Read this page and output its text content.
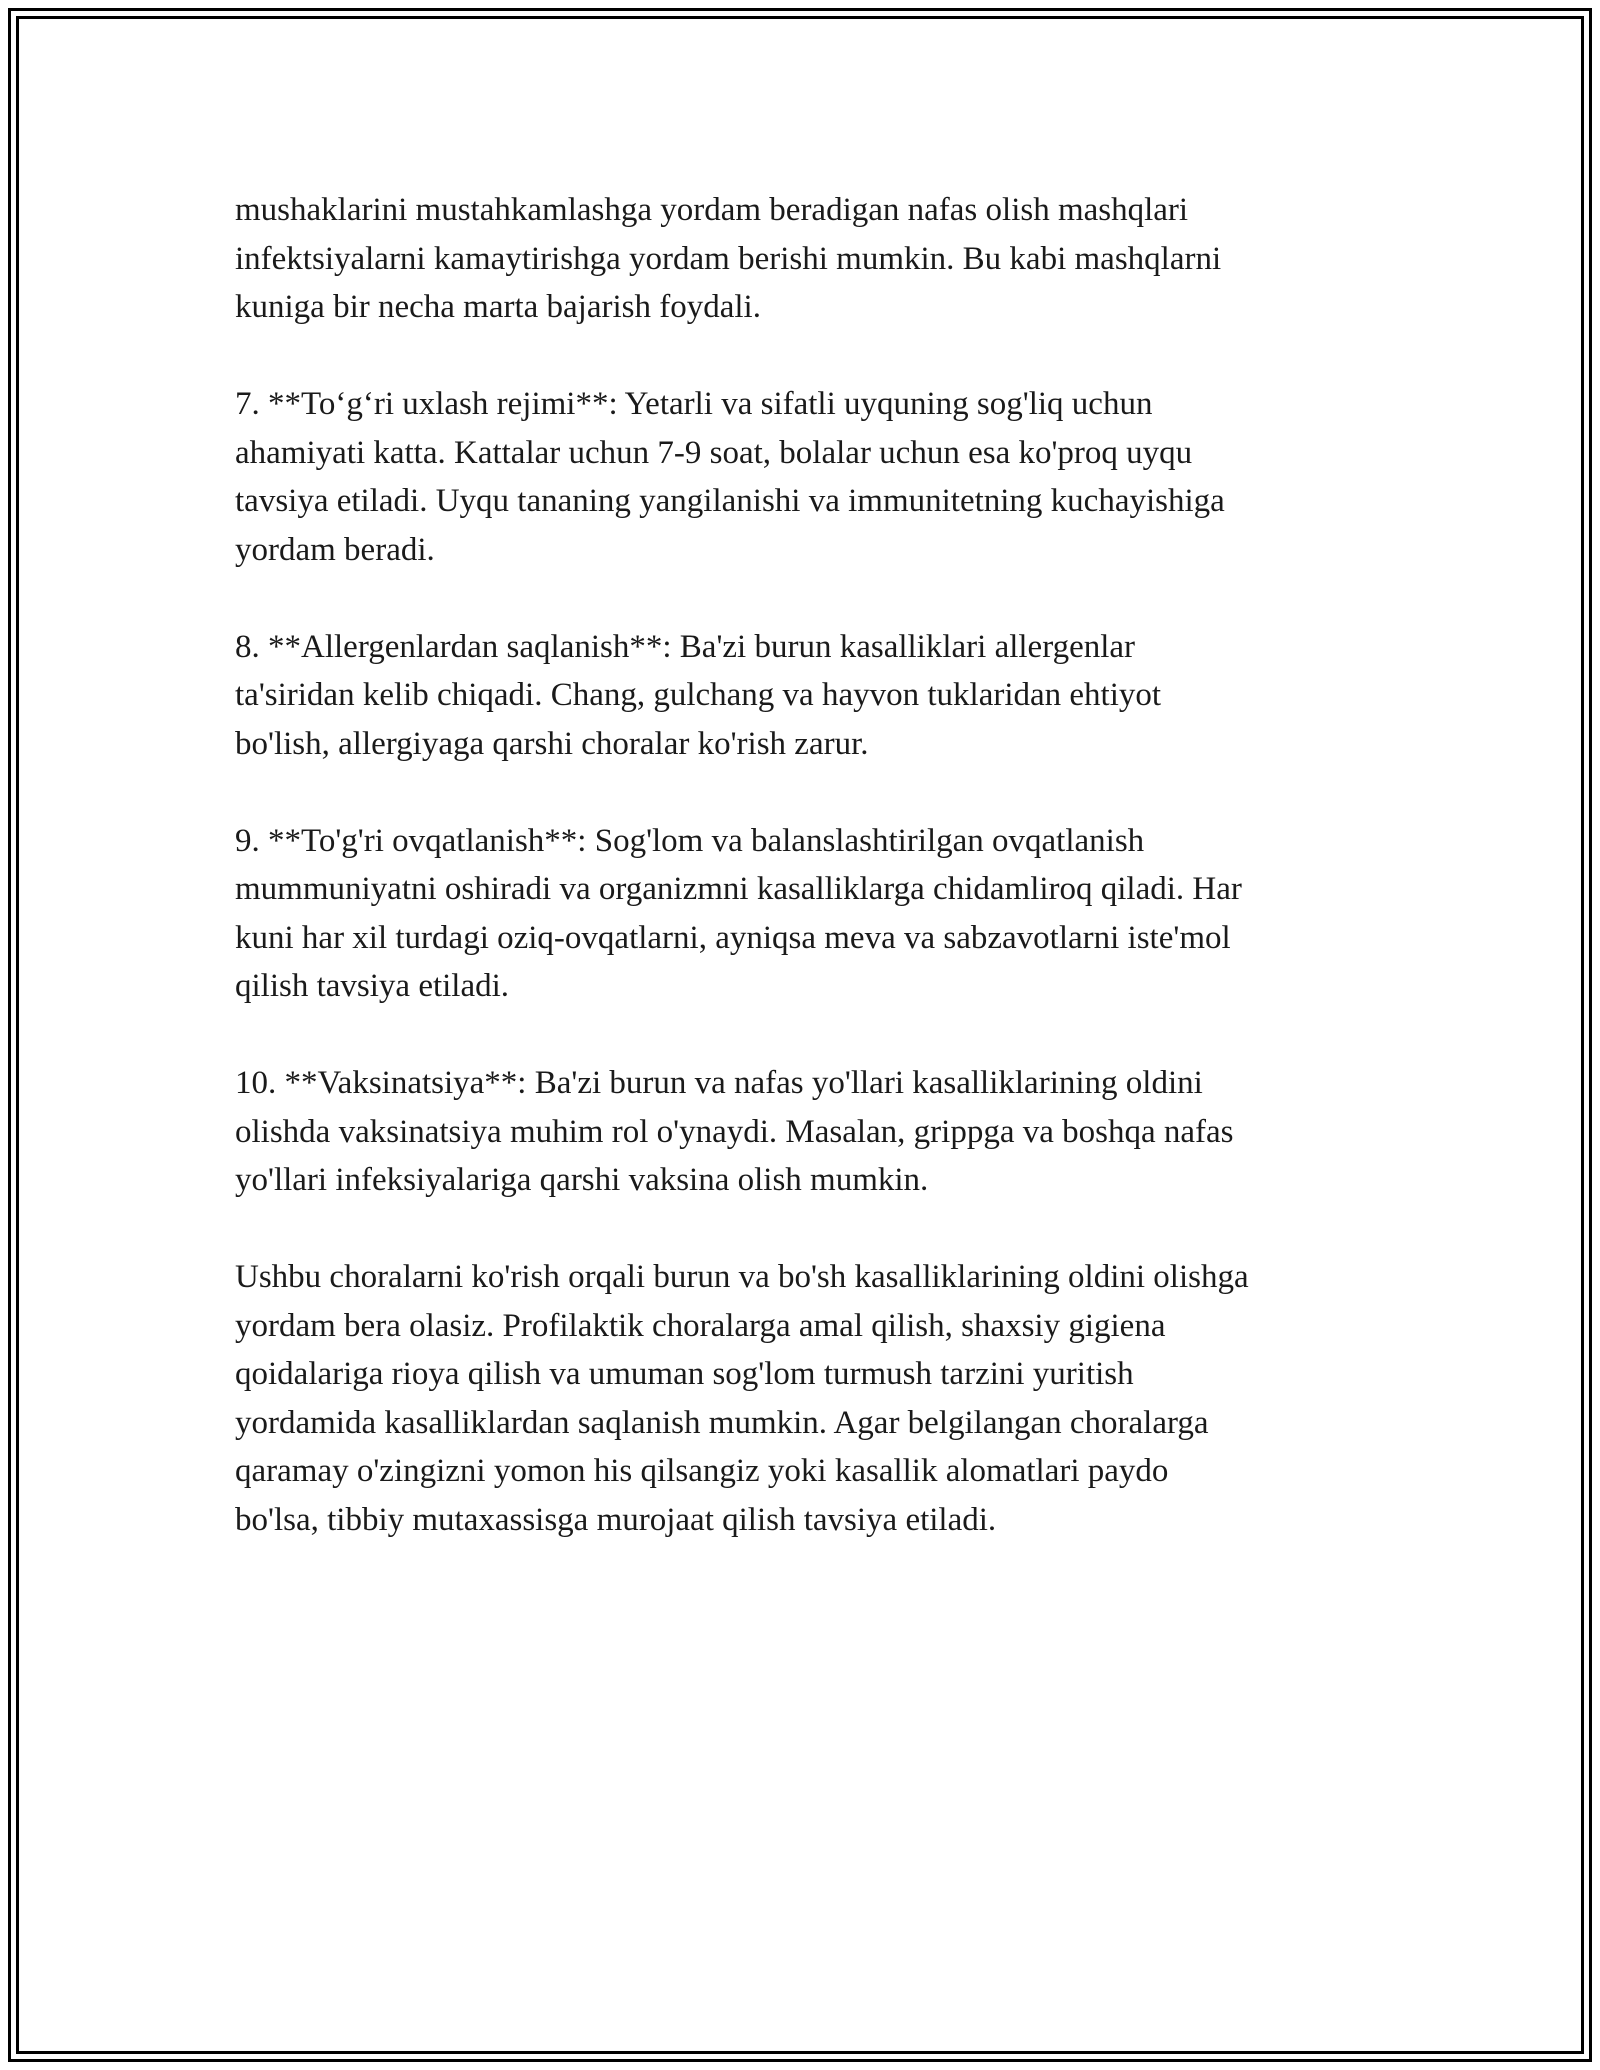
mushaklarini mustahkamlashga yordam beradigan nafas olish mashqlari
infektsiyalarni kamaytirishga yordam berishi mumkin. Bu kabi mashqlarni
kuniga bir necha marta bajarish foydali.

7. **To‘g‘ri uxlash rejimi**: Yetarli va sifatli uyquning sog'liq uchun
ahamiyati katta. Kattalar uchun 7-9 soat, bolalar uchun esa ko'proq uyqu
tavsiya etiladi. Uyqu tananing yangilanishi va immunitetning kuchayishiga
yordam beradi.

8. **Allergenlardan saqlanish**: Ba'zi burun kasalliklari allergenlar
ta'siridan kelib chiqadi. Chang, gulchang va hayvon tuklaridan ehtiyot
bo'lish, allergiyaga qarshi choralar ko'rish zarur.

9. **To'g'ri ovqatlanish**: Sog'lom va balanslashtirilgan ovqatlanish
mummuniyatni oshiradi va organizmni kasalliklarga chidamliroq qiladi. Har
kuni har xil turdagi oziq-ovqatlarni, ayniqsa meva va sabzavotlarni iste'mol
qilish tavsiya etiladi.

10. **Vaksinatsiya**: Ba'zi burun va nafas yo'llari kasalliklarining oldini
olishda vaksinatsiya muhim rol o'ynaydi. Masalan, grippga va boshqa nafas
yo'llari infeksiyalariga qarshi vaksina olish mumkin.

Ushbu choralarni ko'rish orqali burun va bo'sh kasalliklarining oldini olishga
yordam bera olasiz. Profilaktik choralarga amal qilish, shaxsiy gigiena
qoidalariga rioya qilish va umuman sog'lom turmush tarzini yuritish
yordamida kasalliklardan saqlanish mumkin. Agar belgilangan choralarga
qaramay o'zingizni yomon his qilsangiz yoki kasallik alomatlari paydo
bo'lsa, tibbiy mutaxassisga murojaat qilish tavsiya etiladi.
